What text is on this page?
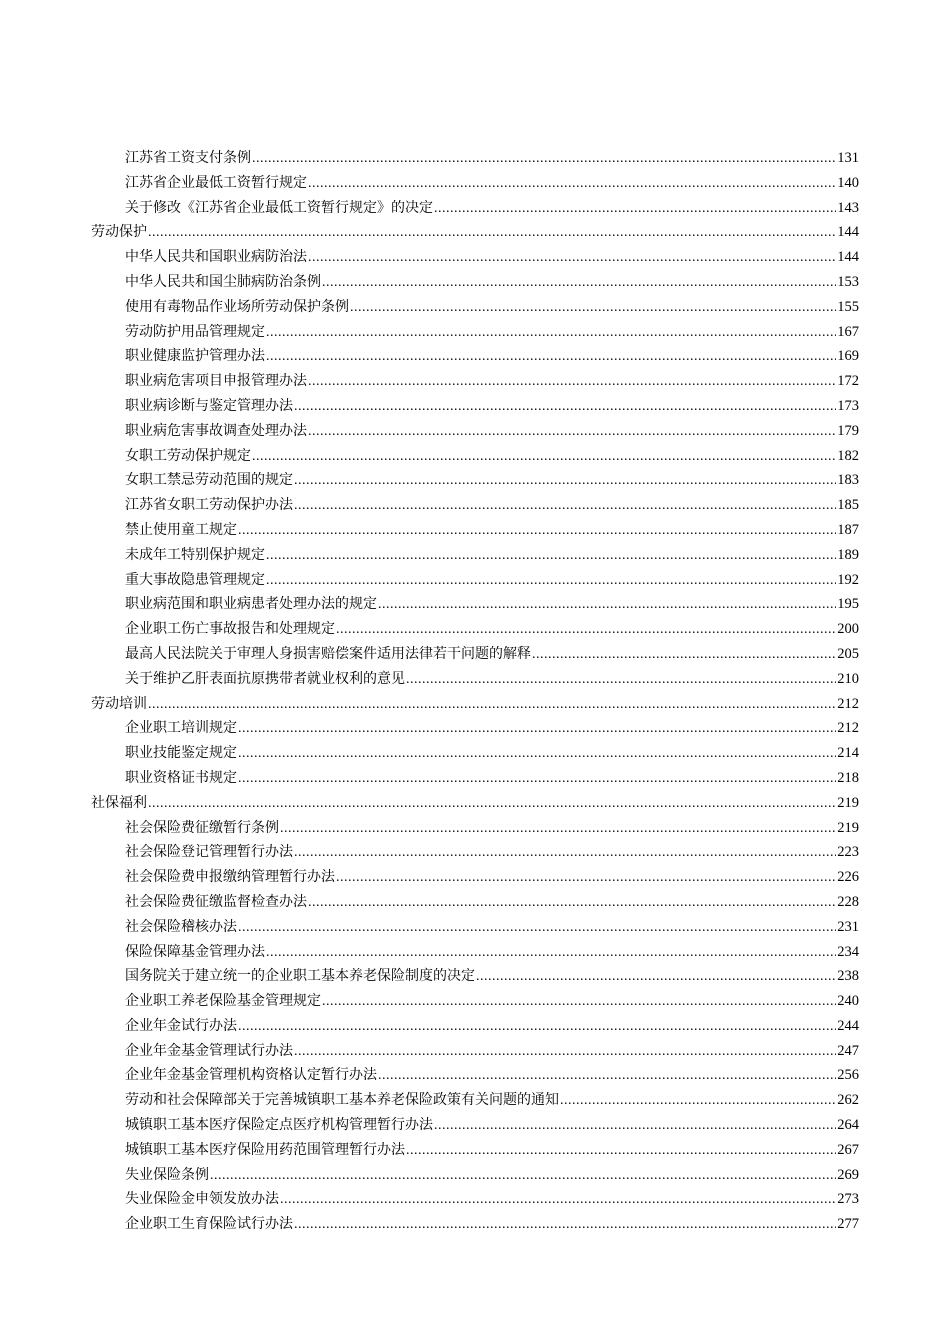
江苏省工资支付条例 .....	131
江苏省企业最低工资暂行规定 .....	140
关于修改《江苏省企业最低工资暂行规定》的决定 .....	143
劳动保护 .....	144
中华人民共和国职业病防治法 .....	144
中华人民共和国尘肺病防治条例 .....	153
使用有毒物品作业场所劳动保护条例 .....	155
劳动防护用品管理规定 .....	167
职业健康监护管理办法 .....	169
职业病危害项目申报管理办法 .....	172
职业病诊断与鉴定管理办法 .....	173
职业病危害事故调查处理办法 .....	179
女职工劳动保护规定 .....	182
女职工禁忌劳动范围的规定 .....	183
江苏省女职工劳动保护办法 .....	185
禁止使用童工规定 .....	187
未成年工特别保护规定 .....	189
重大事故隐患管理规定 .....	192
职业病范围和职业病患者处理办法的规定 .....	195
企业职工伤亡事故报告和处理规定 .....	200
最高人民法院关于审理人身损害赔偿案件适用法律若干问题的解释 .....	205
关于维护乙肝表面抗原携带者就业权利的意见 .....	210
劳动培训 .....	212
企业职工培训规定 .....	212
职业技能鉴定规定 .....	214
职业资格证书规定 .....	218
社保福利 .....	219
社会保险费征缴暂行条例 .....	219
社会保险登记管理暂行办法 .....	223
社会保险费申报缴纳管理暂行办法 .....	226
社会保险费征缴监督检查办法 .....	228
社会保险稽核办法 .....	231
保险保障基金管理办法 .....	234
国务院关于建立统一的企业职工基本养老保险制度的决定 .....	238
企业职工养老保险基金管理规定 .....	240
企业年金试行办法 .....	244
企业年金基金管理试行办法 .....	247
企业年金基金管理机构资格认定暂行办法 .....	256
劳动和社会保障部关于完善城镇职工基本养老保险政策有关问题的通知 .....	262
城镇职工基本医疗保险定点医疗机构管理暂行办法 .....	264
城镇职工基本医疗保险用药范围管理暂行办法 .....	267
失业保险条例 .....	269
失业保险金申领发放办法 .....	273
企业职工生育保险试行办法 .....	277
